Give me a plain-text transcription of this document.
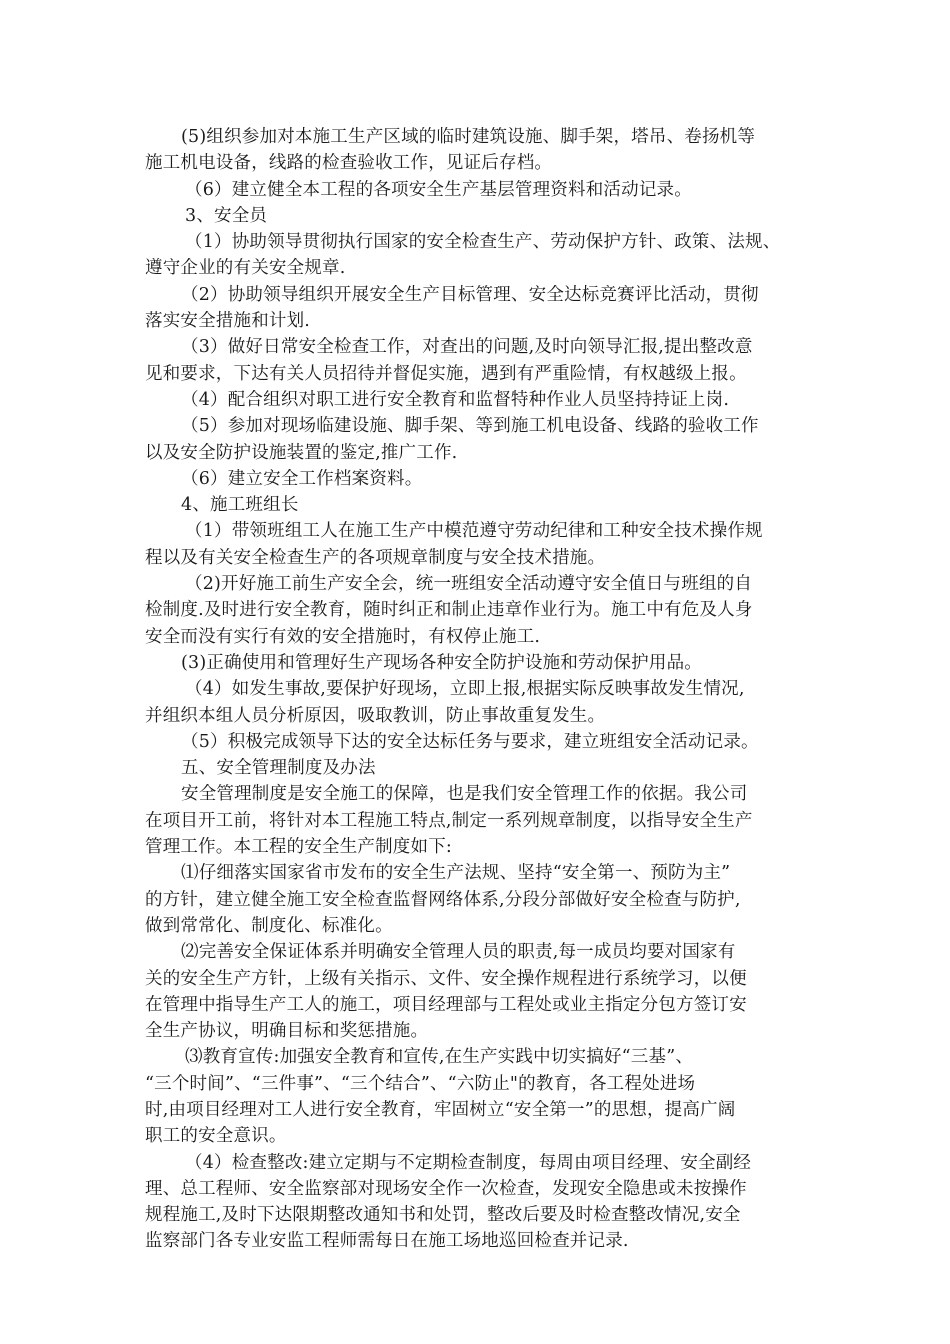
(5)组织参加对本施工生产区域的临时建筑设施、脚手架，塔吊、卷扬机等
施工机电设备，线路的检查验收工作，见证后存档。
（6）建立健全本工程的各项安全生产基层管理资料和活动记录。
3、安全员
（1）协助领导贯彻执行国家的安全检查生产、劳动保护方针、政策、法规、
遵守企业的有关安全规章.
（2）协助领导组织开展安全生产目标管理、安全达标竞赛评比活动，贯彻
落实安全措施和计划.
（3）做好日常安全检查工作，对查出的问题,及时向领导汇报,提出整改意
见和要求，下达有关人员招待并督促实施，遇到有严重险情，有权越级上报。
（4）配合组织对职工进行安全教育和监督特种作业人员坚持持证上岗.
（5）参加对现场临建设施、脚手架、等到施工机电设备、线路的验收工作
以及安全防护设施装置的鉴定,推广工作.
（6）建立安全工作档案资料。
4、施工班组长
（1）带领班组工人在施工生产中模范遵守劳动纪律和工种安全技术操作规
程以及有关安全检查生产的各项规章制度与安全技术措施。
（2)开好施工前生产安全会，统一班组安全活动遵守安全值日与班组的自
检制度.及时进行安全教育，随时纠正和制止违章作业行为。施工中有危及人身
安全而没有实行有效的安全措施时，有权停止施工.
(3)正确使用和管理好生产现场各种安全防护设施和劳动保护用品。
（4）如发生事故,要保护好现场，立即上报,根据实际反映事故发生情况,
并组织本组人员分析原因，吸取教训，防止事故重复发生。
（5）积极完成领导下达的安全达标任务与要求，建立班组安全活动记录。
五、安全管理制度及办法
安全管理制度是安全施工的保障，也是我们安全管理工作的依据。我公司
在项目开工前，将针对本工程施工特点,制定一系列规章制度，以指导安全生产
管理工作。本工程的安全生产制度如下:
⑴仔细落实国家省市发布的安全生产法规、坚持“安全第一、预防为主”
的方针，建立健全施工安全检查监督网络体系,分段分部做好安全检查与防护,
做到常常化、制度化、标准化。
⑵完善安全保证体系并明确安全管理人员的职责,每一成员均要对国家有
关的安全生产方针，上级有关指示、文件、安全操作规程进行系统学习，以便
在管理中指导生产工人的施工，项目经理部与工程处或业主指定分包方签订安
全生产协议，明确目标和奖惩措施。
⑶教育宣传:加强安全教育和宣传,在生产实践中切实搞好“三基”、
“三个时间”、“三件事”、“三个结合”、“六防止"的教育，各工程处进场
时,由项目经理对工人进行安全教育，牢固树立“安全第一”的思想，提高广阔
职工的安全意识。
（4）检查整改:建立定期与不定期检查制度，每周由项目经理、安全副经
理、总工程师、安全监察部对现场安全作一次检查，发现安全隐患或未按操作
规程施工,及时下达限期整改通知书和处罚，整改后要及时检查整改情况,安全
监察部门各专业安监工程师需每日在施工场地巡回检查并记录.
